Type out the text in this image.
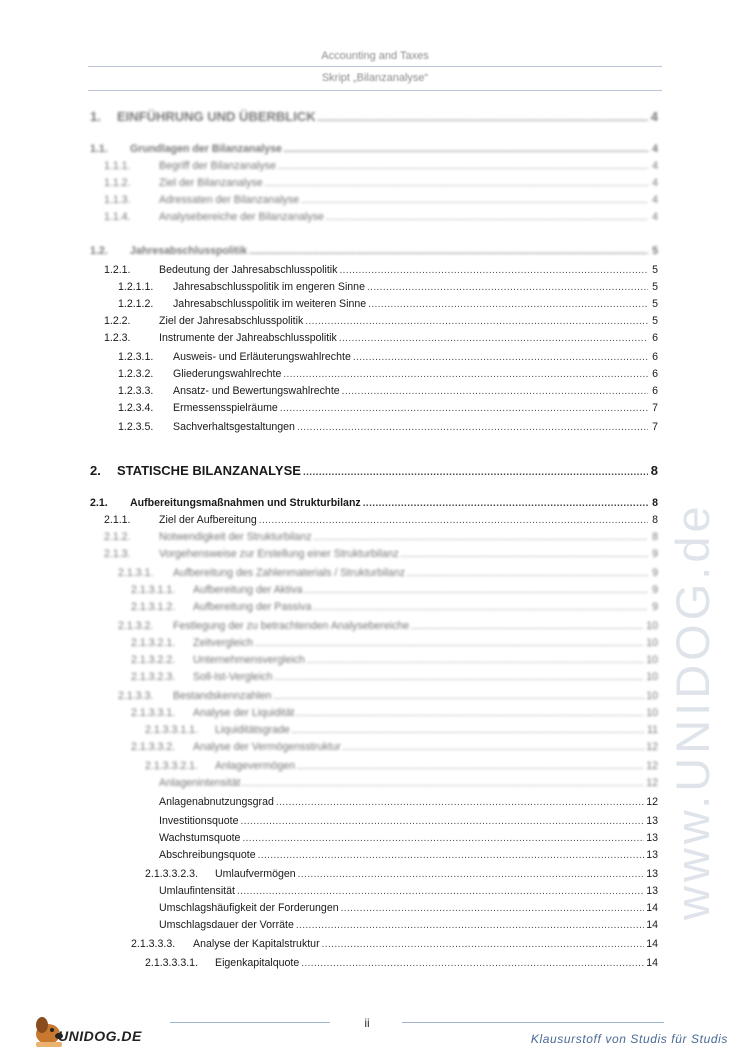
Accounting and Taxes
Skript „Bilanzanalyse“
www.UNIDOG.de
1.	EINFÜHRUNG UND ÜBERBLICK .....	4
1.1.	Grundlagen der Bilanzanalyse .....	4
1.1.1.	Begriff der Bilanzanalyse .....	4
1.1.2.	Ziel der Bilanzanalyse .....	4
1.1.3.	Adressaten der Bilanzanalyse .....	4
1.1.4.	Analysebereiche der Bilanzanalyse .....	4
1.2.	Jahresabschlusspolitik .....	5
1.2.1.	Bedeutung der Jahresabschlusspolitik .....	5
1.2.1.1.	Jahresabschlusspolitik im engeren Sinne .....	5
1.2.1.2.	Jahresabschlusspolitik im weiteren Sinne .....	5
1.2.2.	Ziel der Jahresabschlusspolitik .....	5
1.2.3.	Instrumente der Jahreabschlusspolitik .....	6
1.2.3.1.	Ausweis- und Erläuterungswahlrechte .....	6
1.2.3.2.	Gliederungswahlrechte .....	6
1.2.3.3.	Ansatz- und Bewertungswahlrechte .....	6
1.2.3.4.	Ermessensspielräume .....	7
1.2.3.5.	Sachverhaltsgestaltungen .....	7
2.	STATISCHE BILANZANALYSE .....	8
2.1.	Aufbereitungsmaßnahmen und Strukturbilanz .....	8
2.1.1.	Ziel der Aufbereitung .....	8
2.1.2.	Notwendigkeit der Strukturbilanz .....	8
2.1.3.	Vorgehensweise zur Erstellung einer Strukturbilanz .....	9
2.1.3.1.	Aufbereitung des Zahlenmaterials / Strukturbilanz .....	9
2.1.3.1.1.	Aufbereitung der Aktiva .....	9
2.1.3.1.2.	Aufbereitung der Passiva .....	9
2.1.3.2.	Festlegung der zu betrachtenden Analysebereiche .....	10
2.1.3.2.1.	Zeitvergleich .....	10
2.1.3.2.2.	Unternehmensvergleich .....	10
2.1.3.2.3.	Soll-Ist-Vergleich .....	10
2.1.3.3.	Bestandskennzahlen .....	10
2.1.3.3.1.	Analyse der Liquidität .....	10
2.1.3.3.1.1.	Liquiditätsgrade .....	11
2.1.3.3.2.	Analyse der Vermögensstruktur .....	12
2.1.3.3.2.1.	Anlagevermögen .....	12
Anlagenintensität .....	12
Anlagenabnutzungsgrad .....	12
Investitionsquote .....	13
Wachstumsquote .....	13
Abschreibungsquote .....	13
2.1.3.3.2.3.	Umlaufvermögen .....	13
Umlaufintensität .....	13
Umschlagshäufigkeit der Forderungen .....	14
Umschlagsdauer der Vorräte .....	14
2.1.3.3.3.	Analyse der Kapitalstruktur .....	14
2.1.3.3.3.1.	Eigenkapitalquote .....	14
UNIDOG.DE
ii
Klausurstoff von Studis für Studis
